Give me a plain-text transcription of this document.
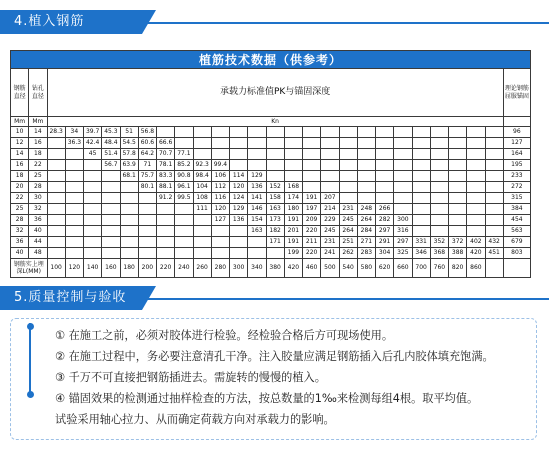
4.植入钢筋
植筋技术数据（供参考）																											
钢筋直径	钻孔直径	承载力标准值PK与锚固深度																									理论钢筋屈服锚固
Mm	Mm	Kn																									
10	14	28.3	34	39.7	45.3	51	56.8																				96
12	16		36.3	42.4	48.4	54.5	60.6	66.6																			127
14	18			45	51.4	57.8	64.2	70.7	77.1																		164
16	22				56.7	63.9	71	78.1	85.2	92.3	99.4																195
18	25					68.1	75.7	83.3	90.8	98.4	106	114	129														233
20	28						80.1	88.1	96.1	104	112	120	136	152	168												272
22	30							91.2	99.5	108	116	124	141	158	174	191	207										315
25	32									111	120	129	146	163	180	197	214	231	248	266							384
28	36										127	136	154	173	191	209	229	245	264	282	300						454
32	40												163	182	201	220	245	264	284	297	316						563
36	44													171	191	211	231	251	271	291	297	331	352	372	402	432	679
40	48														199	220	241	262	283	304	325	346	368	388	420	451	803
钢筋实上埋深L(MM)		100	120	140	160	180	200	220	240	260	280	300	340	380	420	460	500	540	580	620	660	700	760	820	860		
5.质量控制与验收
① 在施工之前，必须对胶体进行检验。经检验合格后方可现场使用。
② 在施工过程中，务必要注意清孔干净。注入胶量应满足钢筋插入后孔内胶体填充饱满。
③ 千万不可直接把钢筋插进去。需旋转的慢慢的植入。
④ 锚固效果的检测通过抽样检查的方法，按总数量的1‰来检测每组4根。取平均值。
试验采用轴心拉力、从而确定荷载方向对承载力的影响。
